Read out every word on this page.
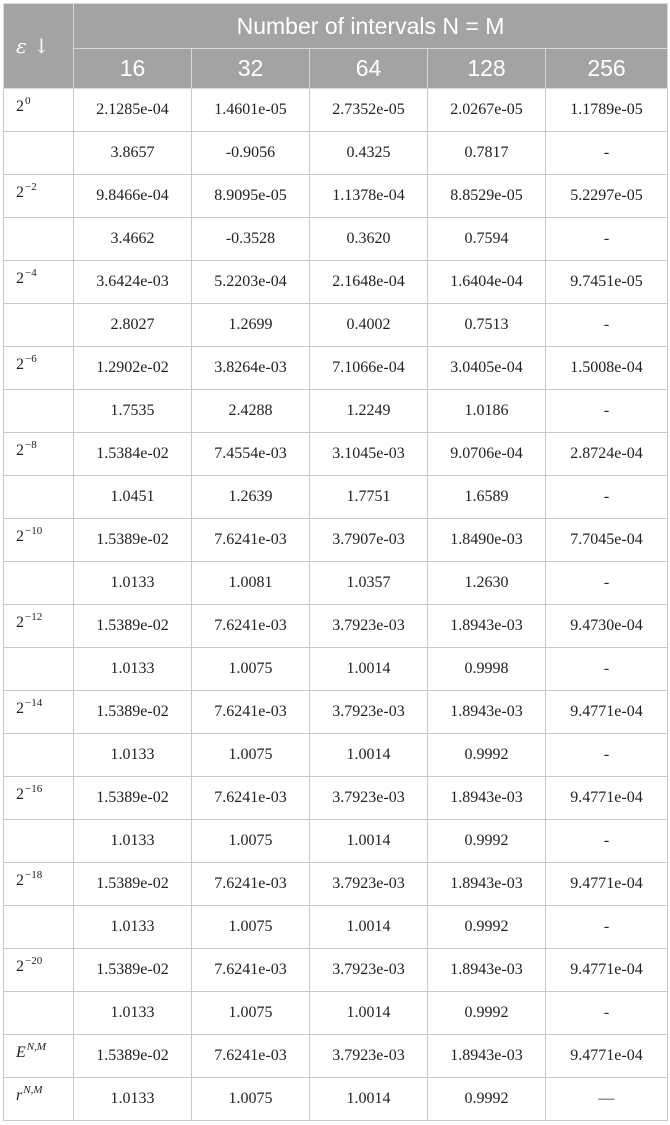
ε ↓	Number of intervals N = M				
	16	32	64	128	256
$2^0$	2.1285e-04	1.4601e-05	2.7352e-05	2.0267e-05	1.1789e-05
	3.8657	-0.9056	0.4325	0.7817	-
$2^{-2}$	9.8466e-04	8.9095e-05	1.1378e-04	8.8529e-05	5.2297e-05
	3.4662	-0.3528	0.3620	0.7594	-
$2^{-4}$	3.6424e-03	5.2203e-04	2.1648e-04	1.6404e-04	9.7451e-05
	2.8027	1.2699	0.4002	0.7513	-
$2^{-6}$	1.2902e-02	3.8264e-03	7.1066e-04	3.0405e-04	1.5008e-04
	1.7535	2.4288	1.2249	1.0186	-
$2^{-8}$	1.5384e-02	7.4554e-03	3.1045e-03	9.0706e-04	2.8724e-04
	1.0451	1.2639	1.7751	1.6589	-
$2^{-10}$	1.5389e-02	7.6241e-03	3.7907e-03	1.8490e-03	7.7045e-04
	1.0133	1.0081	1.0357	1.2630	-
$2^{-12}$	1.5389e-02	7.6241e-03	3.7923e-03	1.8943e-03	9.4730e-04
	1.0133	1.0075	1.0014	0.9998	-
$2^{-14}$	1.5389e-02	7.6241e-03	3.7923e-03	1.8943e-03	9.4771e-04
	1.0133	1.0075	1.0014	0.9992	-
$2^{-16}$	1.5389e-02	7.6241e-03	3.7923e-03	1.8943e-03	9.4771e-04
	1.0133	1.0075	1.0014	0.9992	-
$2^{-18}$	1.5389e-02	7.6241e-03	3.7923e-03	1.8943e-03	9.4771e-04
	1.0133	1.0075	1.0014	0.9992	-
$2^{-20}$	1.5389e-02	7.6241e-03	3.7923e-03	1.8943e-03	9.4771e-04
	1.0133	1.0075	1.0014	0.9992	-
$E^{N,M}$	1.5389e-02	7.6241e-03	3.7923e-03	1.8943e-03	9.4771e-04
$r^{N,M}$	1.0133	1.0075	1.0014	0.9992	—
